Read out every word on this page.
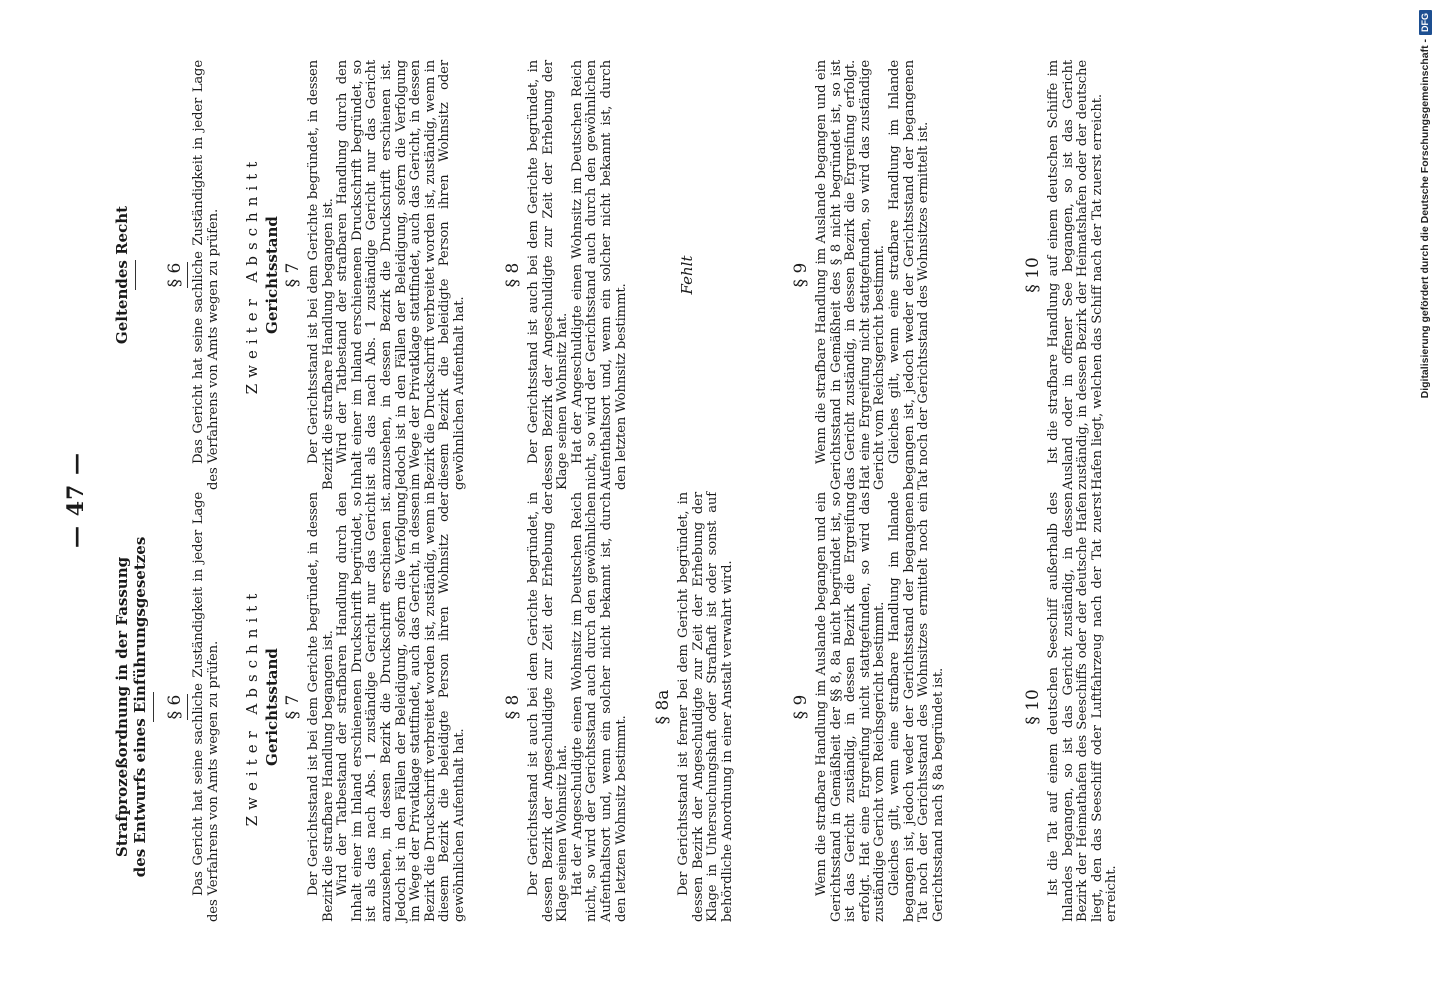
— 47 —

Strafprozeßordnung in der Fassung des Entwurfs eines Einführungsgesetzes § 6 Das Gericht hat seine sachliche Zuständigkeit in jeder Lage des Verfahrens von Amts wegen zu prüfen. Zweiter Abschnitt Gerichtsstand § 7 Der Gerichtsstand ist bei dem Gerichte begründet, in dessen Bezirk die strafbare Handlung begangen ist. Wird der Tatbestand der strafbaren Handlung durch den Inhalt einer im Inland erschienenen Druckschrift begründet, so ist als das nach Abs. 1 zuständige Gericht nur das Gericht anzusehen, in dessen Bezirk die Druckschrift erschienen ist. Jedoch ist in den Fällen der Beleidigung, sofern die Verfolgung im Wege der Privatklage stattfindet, auch das Gericht, in dessen Bezirk die Druckschrift verbreitet worden ist, zuständig, wenn in diesem Bezirk die beleidigte Person ihren Wohnsitz oder gewöhnlichen Aufenthalt hat.

§ 8 Der Gerichtsstand ist auch bei dem Gerichte begründet, in dessen Bezirk der Angeschuldigte zur Zeit der Erhebung der Klage seinen Wohnsitz hat. Hat der Angeschuldigte einen Wohnsitz im Deutschen Reich nicht, so wird der Gerichtsstand auch durch den gewöhnlichen Aufenthaltsort und, wenn ein solcher nicht bekannt ist, durch den letzten Wohnsitz bestimmt.

§ 8a Der Gerichtsstand ist ferner bei dem Gericht begründet, in dessen Bezirk der Angeschuldigte zur Zeit der Erhebung der Klage in Untersuchungshaft oder Strafhaft ist oder sonst auf behördliche Anordnung in einer Anstalt verwahrt wird.	§ 9 Wenn die strafbare Handlung im Auslande begangen und ein Gerichtsstand in Gemäßheit der §§ 8, 8a nicht begründet ist, so ist das Gericht zuständig, in dessen Bezirk die Ergreifung erfolgt. Hat eine Ergreifung nicht stattgefunden, so wird das zuständige Gericht vom Reichsgericht bestimmt. Gleiches gilt, wenn eine strafbare Handlung im Inlande begangen ist, jedoch weder der Gerichtsstand der begangenen Tat noch der Gerichtsstand des Wohnsitzes ermittelt noch ein Gerichtsstand nach § 8a begründet ist.	§ 10 Ist die Tat auf einem deutschen Seeschiff außerhalb des Inlandes begangen, so ist das Gericht zuständig, in dessen Bezirk der Heimathafen des Seeschiffs oder der deutsche Hafen liegt, den das Seeschiff oder Luftfahrzeug nach der Tat zuerst erreicht.

Geltendes Recht § 6 Das Gericht hat seine sachliche Zuständigkeit in jeder Lage des Verfahrens von Amts wegen zu prüfen. Zweiter Abschnitt Gerichtsstand § 7 Der Gerichtsstand ist bei dem Gerichte begründet, in dessen Bezirk die strafbare Handlung begangen ist. Wird der Tatbestand der strafbaren Handlung durch den Inhalt einer im Inland erschienenen Druckschrift begründet, so ist als das nach Abs. 1 zuständige Gericht nur das Gericht anzusehen, in dessen Bezirk die Druckschrift erschienen ist. Jedoch ist in den Fällen der Beleidigung, sofern die Verfolgung im Wege der Privatklage stattfindet, auch das Gericht, in dessen Bezirk die Druckschrift verbreitet worden ist, zuständig, wenn in diesem Bezirk die beleidigte Person ihren Wohnsitz oder gewöhnlichen Aufenthalt hat.

§ 8 Der Gerichtsstand ist auch bei dem Gerichte begründet, in dessen Bezirk der Angeschuldigte zur Zeit der Erhebung der Klage seinen Wohnsitz hat. Hat der Angeschuldigte einen Wohnsitz im Deutschen Reich nicht, so wird der Gerichtsstand auch durch den gewöhnlichen Aufenthaltsort und, wenn ein solcher nicht bekannt ist, durch den letzten Wohnsitz bestimmt.

Fehlt	§ 9 Wenn die strafbare Handlung im Auslande begangen und ein Gerichtsstand in Gemäßheit des § 8 nicht begründet ist, so ist das Gericht zuständig, in dessen Bezirk die Ergreifung erfolgt. Hat eine Ergreifung nicht stattgefunden, so wird das zuständige Gericht vom Reichsgericht bestimmt. Gleiches gilt, wenn eine strafbare Handlung im Inlande begangen ist, jedoch weder der Gerichtsstand der begangenen Tat noch der Gerichtsstand des Wohnsitzes ermittelt ist.	§ 10 Ist die strafbare Handlung auf einem deutschen Schiffe im Ausland oder in offener See begangen, so ist das Gericht zuständig, in dessen Bezirk der Heimatshafen oder der deutsche Hafen liegt, welchen das Schiff nach der Tat zuerst erreicht.	Digitalisierung gefördert durch die Deutsche Forschungsgemeinschaft -
DFG
